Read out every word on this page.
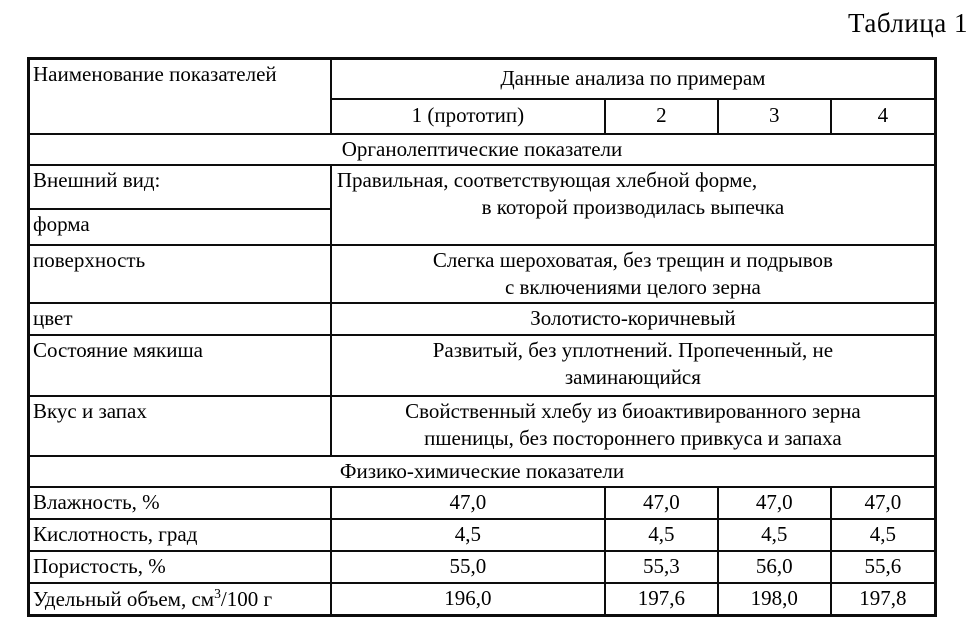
Таблица 1
Наименование показателей	Данные анализа по примерам			
	1 (прототип)	2	3	4
Органолептические показатели				
Внешний вид:	Правильная, соответствующая хлебной форме,
в которой производилась выпечка			

форма				
поверхность	Слегка шероховатая, без трещин и подрывов
с включениями целого зерна			

цвет	Золотисто-коричневый			

Состояние мякиша	Развитый, без уплотнений. Пропеченный, не
заминающийся			

Вкус и запах	Свойственный хлебу из биоактивированного зерна
пшеницы, без постороннего привкуса и запаха			

Физико-химические показатели				
Влажность, %	47,0	47,0	47,0	47,0
Кислотность, град	4,5	4,5	4,5	4,5
Пористость, %	55,0	55,3	56,0	55,6
Удельный объем, $см^3/100$ г	196,0	197,6	198,0	197,8
